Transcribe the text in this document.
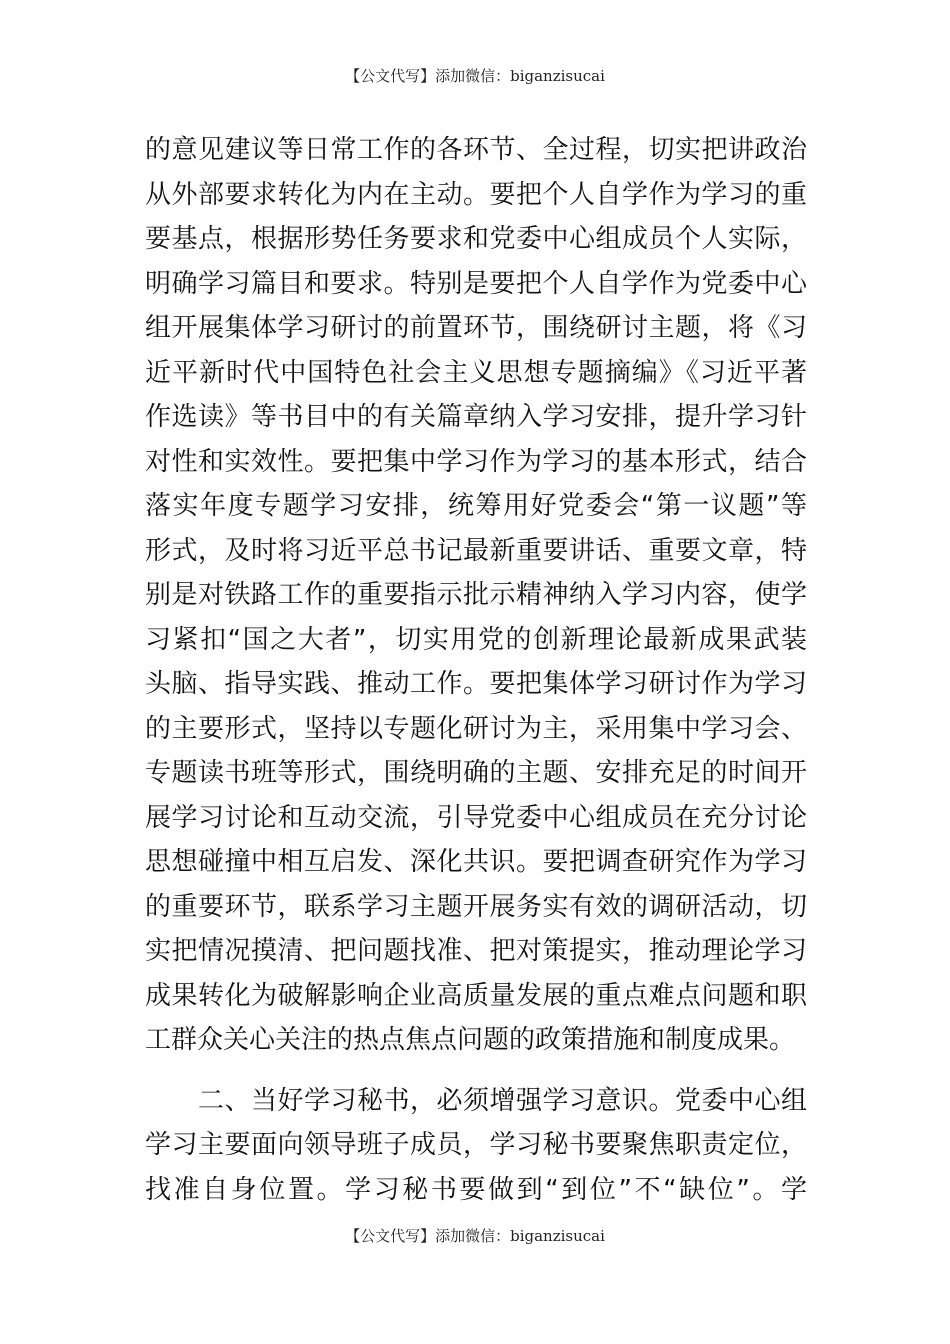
【公文代写】添加微信：biganzisucai
的意见建议等日常工作的各环节、全过程，切实把讲政治
从外部要求转化为内在主动。要把个人自学作为学习的重
要基点，根据形势任务要求和党委中心组成员个人实际，
明确学习篇目和要求。特别是要把个人自学作为党委中心
组开展集体学习研讨的前置环节，围绕研讨主题，将《习
近平新时代中国特色社会主义思想专题摘编》《习近平著
作选读》等书目中的有关篇章纳入学习安排，提升学习针
对性和实效性。要把集中学习作为学习的基本形式，结合
落实年度专题学习安排，统筹用好党委会“第一议题”等
形式，及时将习近平总书记最新重要讲话、重要文章，特
别是对铁路工作的重要指示批示精神纳入学习内容，使学
习紧扣“国之大者”，切实用党的创新理论最新成果武装
头脑、指导实践、推动工作。要把集体学习研讨作为学习
的主要形式，坚持以专题化研讨为主，采用集中学习会、
专题读书班等形式，围绕明确的主题、安排充足的时间开
展学习讨论和互动交流，引导党委中心组成员在充分讨论
思想碰撞中相互启发、深化共识。要把调查研究作为学习
的重要环节，联系学习主题开展务实有效的调研活动，切
实把情况摸清、把问题找准、把对策提实，推动理论学习
成果转化为破解影响企业高质量发展的重点难点问题和职
工群众关心关注的热点焦点问题的政策措施和制度成果。
　　二、当好学习秘书，必须增强学习意识。党委中心组
学习主要面向领导班子成员，学习秘书要聚焦职责定位，
找准自身位置。学习秘书要做到“到位”不“缺位”。学
【公文代写】添加微信：biganzisucai
